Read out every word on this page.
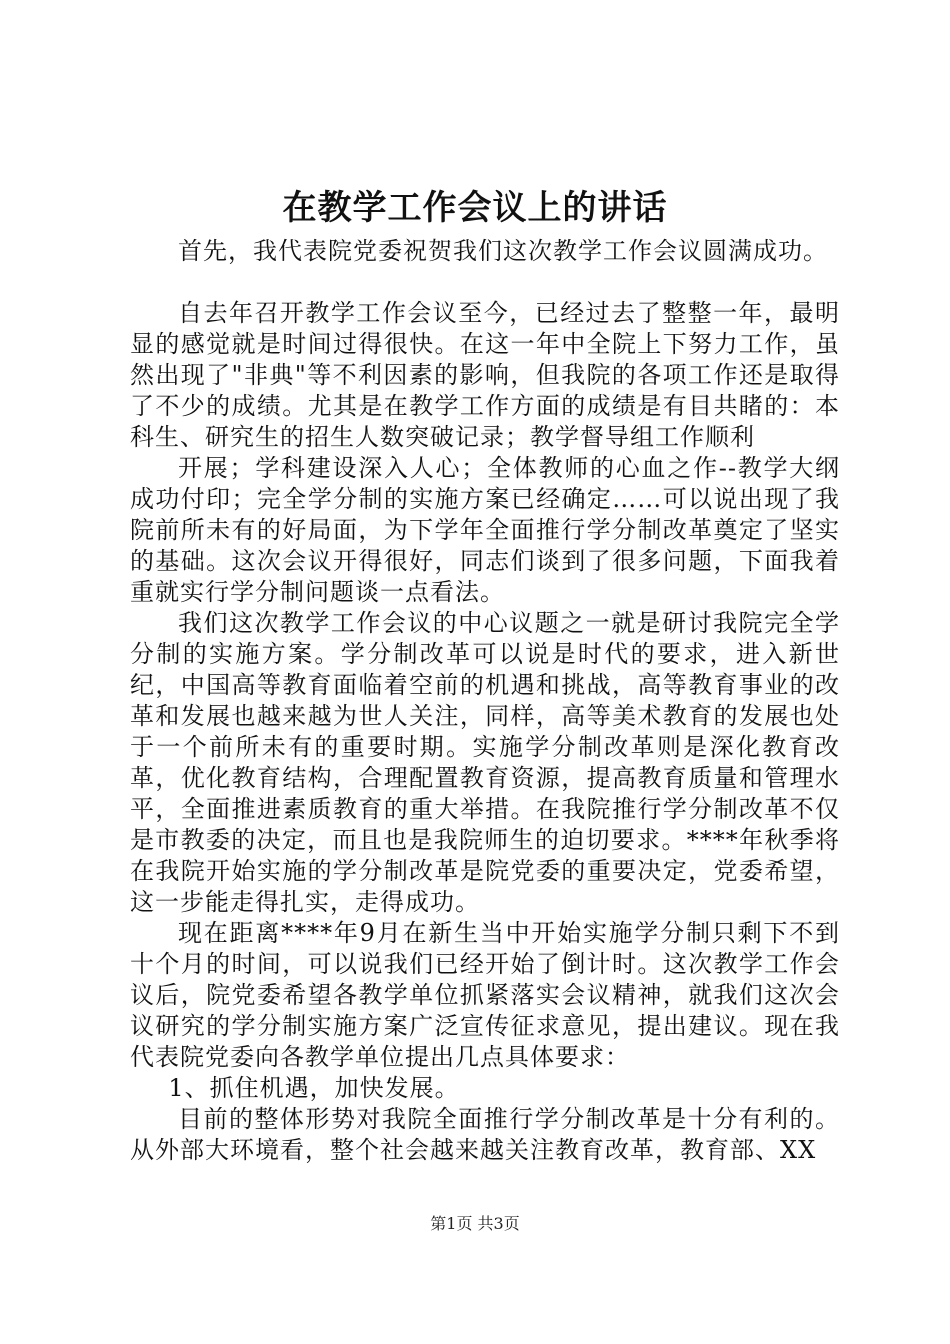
在教学工作会议上的讲话

首先，我代表院党委祝贺我们这次教学工作会议圆满成功。

自去年召开教学工作会议至今，已经过去了整整一年，最明显的感觉就是时间过得很快。在这一年中全院上下努力工作，虽然出现了"非典"等不利因素的影响，但我院的各项工作还是取得了不少的成绩。尤其是在教学工作方面的成绩是有目共睹的：本科生、研究生的招生人数突破记录；教学督导组工作顺利

开展；学科建设深入人心；全体教师的心血之作--教学大纲成功付印；完全学分制的实施方案已经确定……可以说出现了我院前所未有的好局面，为下学年全面推行学分制改革奠定了坚实的基础。这次会议开得很好，同志们谈到了很多问题，下面我着重就实行学分制问题谈一点看法。

我们这次教学工作会议的中心议题之一就是研讨我院完全学分制的实施方案。学分制改革可以说是时代的要求，进入新世纪，中国高等教育面临着空前的机遇和挑战，高等教育事业的改革和发展也越来越为世人关注，同样，高等美术教育的发展也处于一个前所未有的重要时期。实施学分制改革则是深化教育改革，优化教育结构，合理配置教育资源，提高教育质量和管理水平，全面推进素质教育的重大举措。在我院推行学分制改革不仅是市教委的决定，而且也是我院师生的迫切要求。****年秋季将在我院开始实施的学分制改革是院党委的重要决定，党委希望，这一步能走得扎实，走得成功。

现在距离****年9月在新生当中开始实施学分制只剩下不到十个月的时间，可以说我们已经开始了倒计时。这次教学工作会议后，院党委希望各教学单位抓紧落实会议精神，就我们这次会议研究的学分制实施方案广泛宣传征求意见，提出建议。现在我代表院党委向各教学单位提出几点具体要求：

1、抓住机遇，加快发展。

目前的整体形势对我院全面推行学分制改革是十分有利的。从外部大环境看，整个社会越来越关注教育改革，教育部、XX

第1页 共3页
